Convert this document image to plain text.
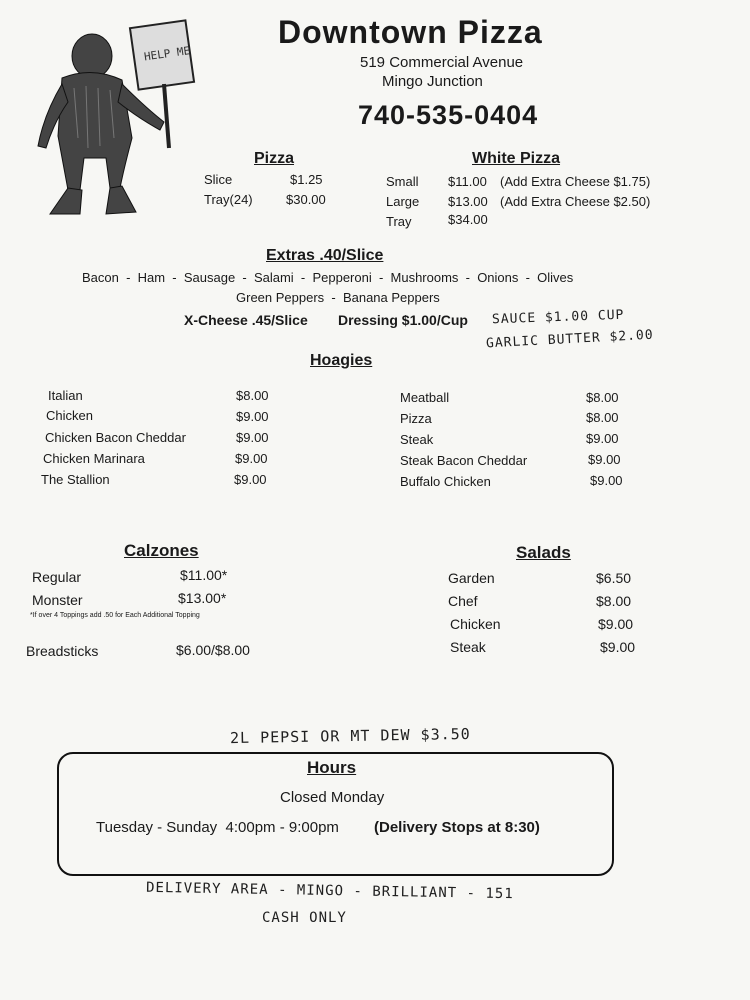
HELP ME
Downtown Pizza
519 Commercial Avenue
Mingo Junction
740-535-0404
Pizza
Slice	$1.25
Tray(24)	$30.00
White Pizza
Small $11.00 (Add Extra Cheese $1.75)
Large $13.00 (Add Extra Cheese $2.50)
Tray	$34.00
Extras .40/Slice
Bacon  -  Ham  -  Sausage  -  Salami  -  Pepperoni  -  Mushrooms  -  Onions  -  Olives
Green Peppers  -  Banana Peppers
X-Cheese .45/Slice Dressing $1.00/Cup SAUCE $1.00 CUP
GARLIC BUTTER $2.00
Hoagies
Italian	$8.00
Chicken	$9.00
Chicken Bacon Cheddar	$9.00
Chicken Marinara	$9.00
The Stallion	$9.00
Meatball	$8.00
Pizza	$8.00
Steak	$9.00
Steak Bacon Cheddar	$9.00
Buffalo Chicken	$9.00
Calzones
Regular	$11.00*
Monster	$13.00*
*If over 4 Toppings add .50 for Each Additional Topping
Breadsticks	$6.00/$8.00
Salads
Garden	$6.50
Chef	$8.00
Chicken	$9.00
Steak	$9.00
2L PEPSI OR MT DEW $3.50
Hours
Closed Monday
Tuesday - Sunday  4:00pm - 9:00pm (Delivery Stops at 8:30)
DELIVERY AREA - MINGO - BRILLIANT - 151
CASH ONLY
